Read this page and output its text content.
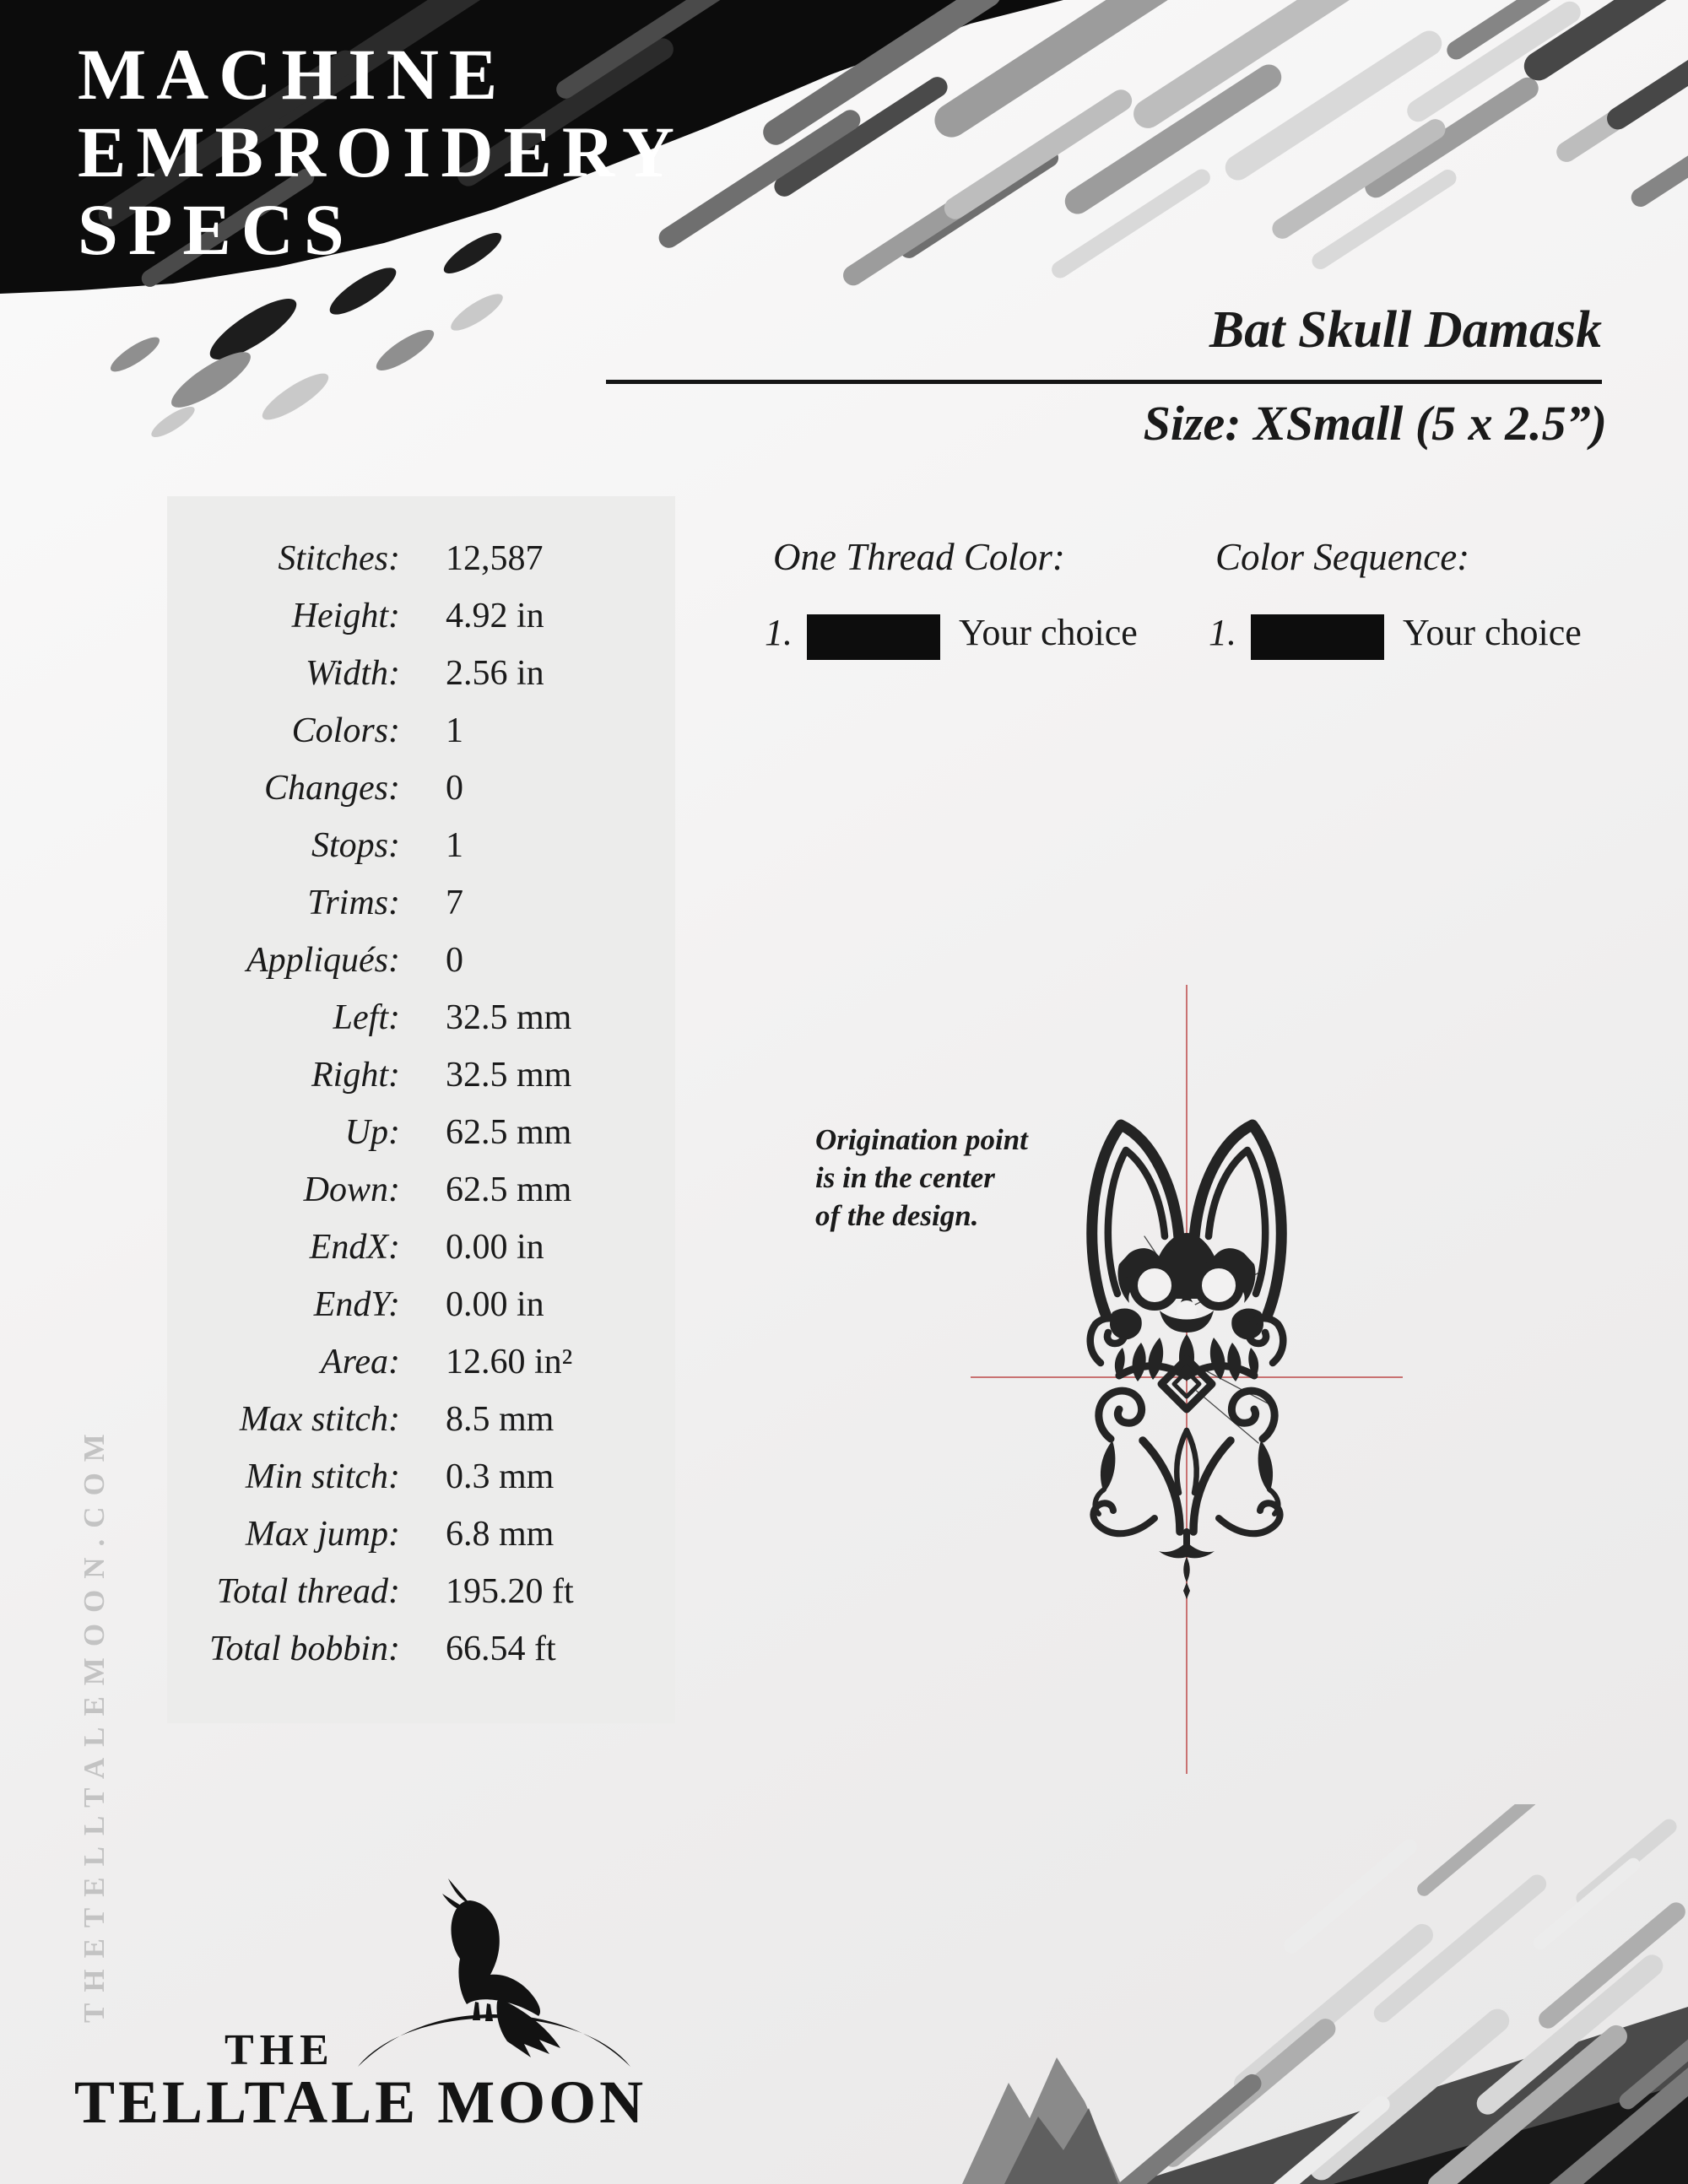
MACHINE
EMBROIDERY
SPECS
Bat Skull Damask
Size: XSmall (5 x 2.5”)
Stitches: 12,587
Height: 4.92 in
Width: 2.56 in
Colors: 1
Changes: 0
Stops: 1
Trims: 7
Appliqués: 0
Left: 32.5 mm
Right: 32.5 mm
Up: 62.5 mm
Down: 62.5 mm
EndX: 0.00 in
EndY: 0.00 in
Area: 12.60 in²
Max stitch: 8.5 mm
Min stitch: 0.3 mm
Max jump: 6.8 mm
Total thread: 195.20 ft
Total bobbin: 66.54 ft
One Thread Color:
1.	Your choice
Color Sequence:
1.	Your choice
Origination point
is in the center
of the design.
THETELLTALEMOON.COM
THE
TELLTALE MOON
